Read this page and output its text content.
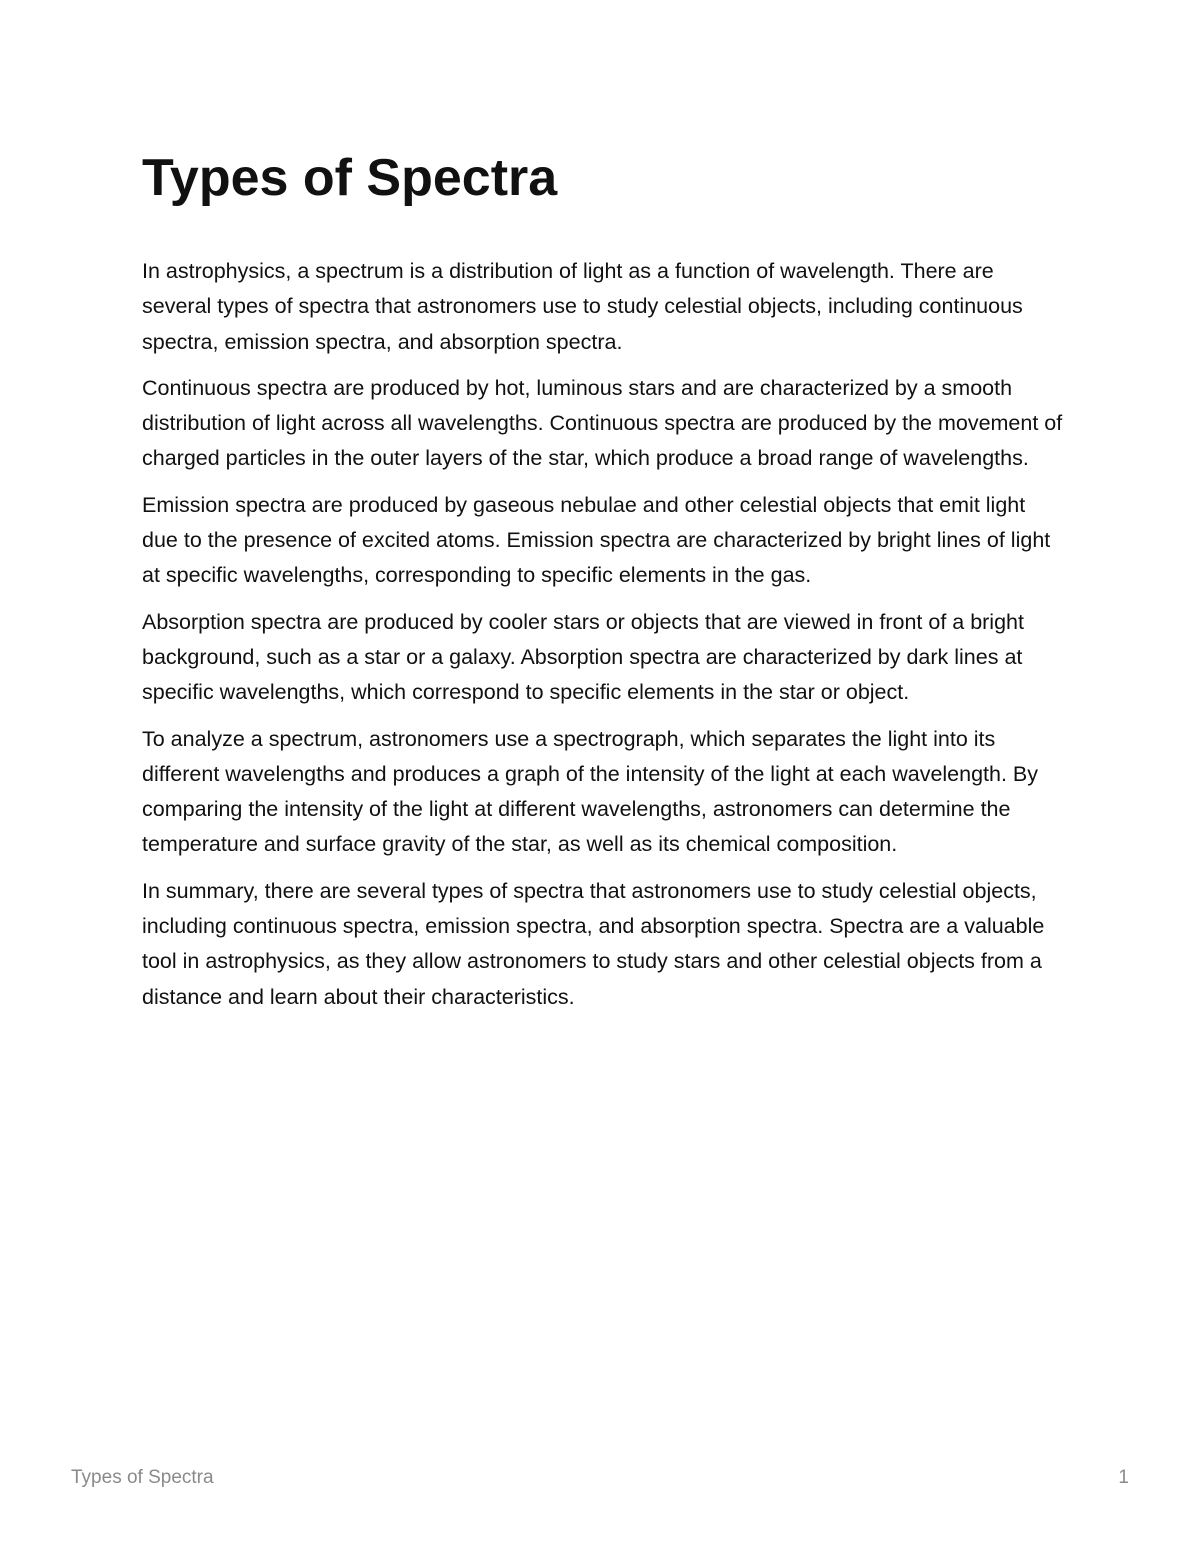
Types of Spectra

In astrophysics, a spectrum is a distribution of light as a function of wavelength. There are several types of spectra that astronomers use to study celestial objects, including continuous spectra, emission spectra, and absorption spectra.

Continuous spectra are produced by hot, luminous stars and are characterized by a smooth distribution of light across all wavelengths. Continuous spectra are produced by the movement of charged particles in the outer layers of the star, which produce a broad range of wavelengths.

Emission spectra are produced by gaseous nebulae and other celestial objects that emit light due to the presence of excited atoms. Emission spectra are characterized by bright lines of light at specific wavelengths, corresponding to specific elements in the gas.

Absorption spectra are produced by cooler stars or objects that are viewed in front of a bright background, such as a star or a galaxy. Absorption spectra are characterized by dark lines at specific wavelengths, which correspond to specific elements in the star or object.

To analyze a spectrum, astronomers use a spectrograph, which separates the light into its different wavelengths and produces a graph of the intensity of the light at each wavelength. By comparing the intensity of the light at different wavelengths, astronomers can determine the temperature and surface gravity of the star, as well as its chemical composition.

In summary, there are several types of spectra that astronomers use to study celestial objects, including continuous spectra, emission spectra, and absorption spectra. Spectra are a valuable tool in astrophysics, as they allow astronomers to study stars and other celestial objects from a distance and learn about their characteristics.

Types of Spectra	1
